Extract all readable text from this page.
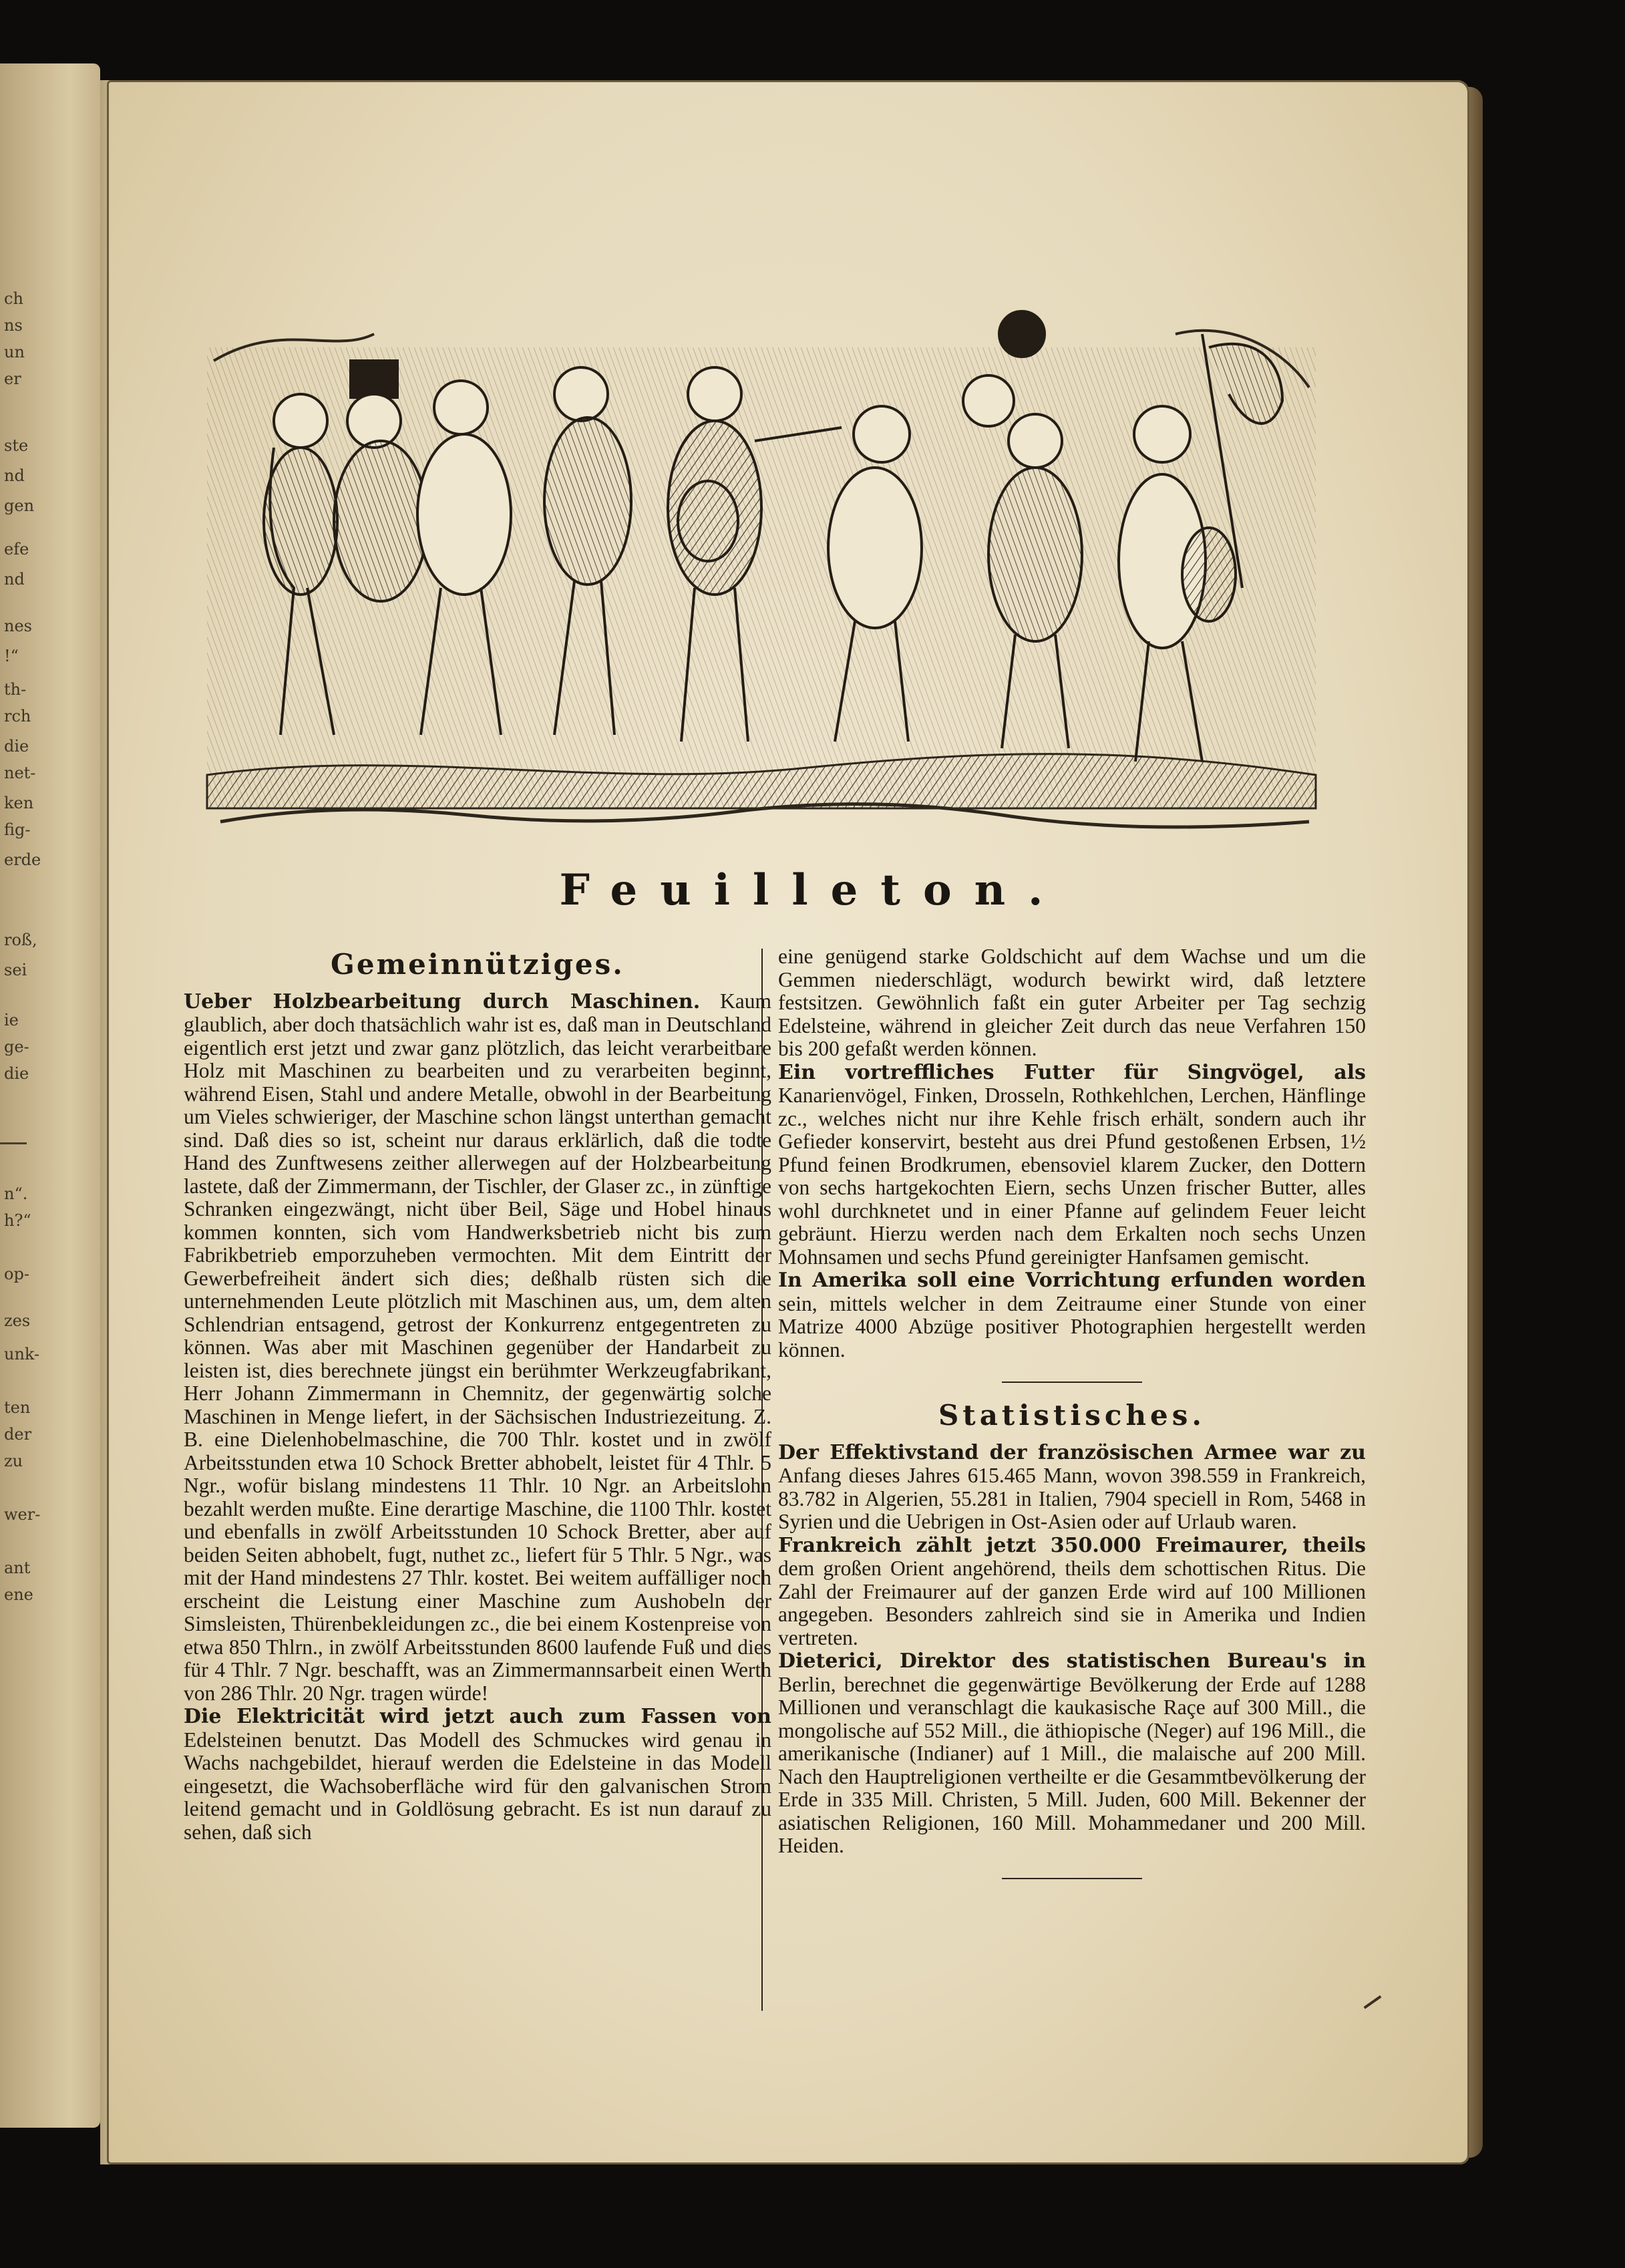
ch
ns
un
er
ste
nd
gen
efe
nd
nes
!“
th-
rch
die
net-
ken
fig-
erde
roß,
sei
ie
ge-
die
n“.
h?“
op-
zes
unk-
ten
der
zu
wer-
ant
ene
Feuilleton.
Gemeinnütziges.

Ueber Holzbearbeitung durch Maschinen. Kaum glaublich, aber doch thatsächlich wahr ist es, daß man in Deutschland eigentlich erst jetzt und zwar ganz plötzlich, das leicht verarbeitbare Holz mit Maschinen zu bearbeiten und zu verarbeiten beginnt, während Eisen, Stahl und andere Metalle, obwohl in der Bearbeitung um Vieles schwieriger, der Maschine schon längst unterthan gemacht sind. Daß dies so ist, scheint nur daraus erklärlich, daß die todte Hand des Zunftwesens zeither allerwegen auf der Holzbearbeitung lastete, daß der Zimmermann, der Tischler, der Glaser zc., in zünftige Schranken eingezwängt, nicht über Beil, Säge und Hobel hinaus kommen konnten, sich vom Handwerksbetrieb nicht bis zum Fabrikbetrieb emporzuheben vermochten. Mit dem Eintritt der Gewerbefreiheit ändert sich dies; deßhalb rüsten sich die unternehmenden Leute plötzlich mit Maschinen aus, um, dem alten Schlendrian entsagend, getrost der Konkurrenz entgegentreten zu können. Was aber mit Maschinen gegenüber der Handarbeit zu leisten ist, dies berechnete jüngst ein berühmter Werkzeugfabrikant, Herr Johann Zimmermann in Chemnitz, der gegenwärtig solche Maschinen in Menge liefert, in der Sächsischen Industriezeitung. Z. B. eine Dielenhobelmaschine, die 700 Thlr. kostet und in zwölf Arbeitsstunden etwa 10 Schock Bretter abhobelt, leistet für 4 Thlr. 5 Ngr., wofür bislang mindestens 11 Thlr. 10 Ngr. an Arbeitslohn bezahlt werden mußte. Eine derartige Maschine, die 1100 Thlr. kostet und ebenfalls in zwölf Arbeitsstunden 10 Schock Bretter, aber auf beiden Seiten abhobelt, fugt, nuthet zc., liefert für 5 Thlr. 5 Ngr., was mit der Hand mindestens 27 Thlr. kostet. Bei weitem auffälliger noch erscheint die Leistung einer Maschine zum Aushobeln der Simsleisten, Thürenbekleidungen zc., die bei einem Kostenpreise von etwa 850 Thlrn., in zwölf Arbeitsstunden 8600 laufende Fuß und dies für 4 Thlr. 7 Ngr. beschafft, was an Zimmermannsarbeit einen Werth von 286 Thlr. 20 Ngr. tragen würde!

Die Elektricität wird jetzt auch zum Fassen von Edelsteinen benutzt. Das Modell des Schmuckes wird genau in Wachs nachgebildet, hierauf werden die Edelsteine in das Modell eingesetzt, die Wachsoberfläche wird für den galvanischen Strom leitend gemacht und in Goldlösung gebracht. Es ist nun darauf zu sehen, daß sich

eine genügend starke Goldschicht auf dem Wachse und um die Gemmen niederschlägt, wodurch bewirkt wird, daß letztere festsitzen. Gewöhnlich faßt ein guter Arbeiter per Tag sechzig Edelsteine, während in gleicher Zeit durch das neue Verfahren 150 bis 200 gefaßt werden können.

Ein vortreffliches Futter für Singvögel, als Kanarienvögel, Finken, Drosseln, Rothkehlchen, Lerchen, Hänflinge zc., welches nicht nur ihre Kehle frisch erhält, sondern auch ihr Gefieder konservirt, besteht aus drei Pfund gestoßenen Erbsen, 1½ Pfund feinen Brodkrumen, ebensoviel klarem Zucker, den Dottern von sechs hartgekochten Eiern, sechs Unzen frischer Butter, alles wohl durchknetet und in einer Pfanne auf gelindem Feuer leicht gebräunt. Hierzu werden nach dem Erkalten noch sechs Unzen Mohnsamen und sechs Pfund gereinigter Hanfsamen gemischt.

In Amerika soll eine Vorrichtung erfunden worden sein, mittels welcher in dem Zeitraume einer Stunde von einer Matrize 4000 Abzüge positiver Photographien hergestellt werden können.

Statistisches.

Der Effektivstand der französischen Armee war zu Anfang dieses Jahres 615.465 Mann, wovon 398.559 in Frankreich, 83.782 in Algerien, 55.281 in Italien, 7904 speciell in Rom, 5468 in Syrien und die Uebrigen in Ost-Asien oder auf Urlaub waren.

Frankreich zählt jetzt 350.000 Freimaurer, theils dem großen Orient angehörend, theils dem schottischen Ritus. Die Zahl der Freimaurer auf der ganzen Erde wird auf 100 Millionen angegeben. Besonders zahlreich sind sie in Amerika und Indien vertreten.

Dieterici, Direktor des statistischen Bureau's in Berlin, berechnet die gegenwärtige Bevölkerung der Erde auf 1288 Millionen und veranschlagt die kaukasische Raçe auf 300 Mill., die mongolische auf 552 Mill., die äthiopische (Neger) auf 196 Mill., die amerikanische (Indianer) auf 1 Mill., die malaische auf 200 Mill. Nach den Hauptreligionen vertheilte er die Gesammtbevölkerung der Erde in 335 Mill. Christen, 5 Mill. Juden, 600 Mill. Bekenner der asiatischen Religionen, 160 Mill. Mohammedaner und 200 Mill. Heiden.
